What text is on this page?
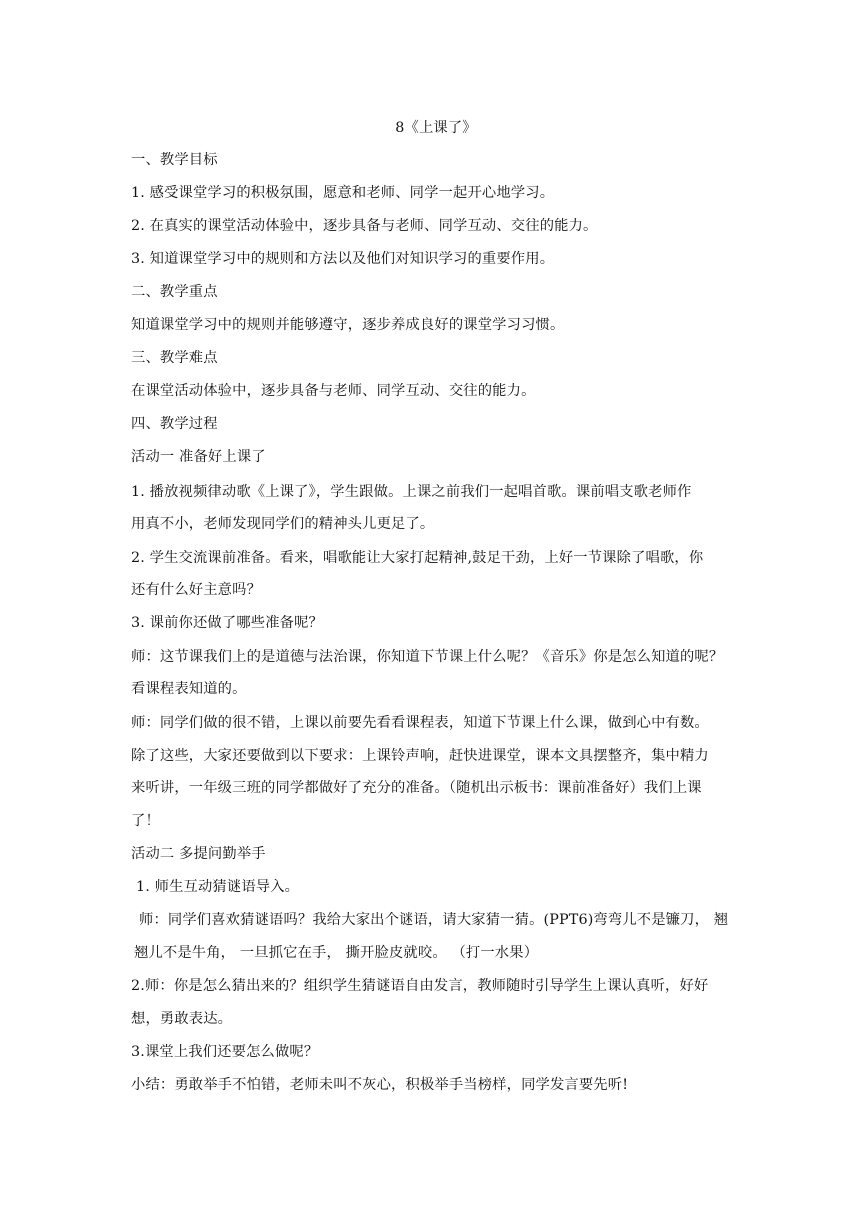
8《上课了》
一、教学目标
1. 感受课堂学习的积极氛围，愿意和老师、同学一起开心地学习。
2. 在真实的课堂活动体验中，逐步具备与老师、同学互动、交往的能力。
3. 知道课堂学习中的规则和方法以及他们对知识学习的重要作用。
二、教学重点
知道课堂学习中的规则并能够遵守，逐步养成良好的课堂学习习惯。
三、教学难点
在课堂活动体验中，逐步具备与老师、同学互动、交往的能力。
四、教学过程
活动一 准备好上课了
1. 播放视频律动歌《上课了》，学生跟做。上课之前我们一起唱首歌。课前唱支歌老师作
用真不小，老师发现同学们的精神头儿更足了。
2. 学生交流课前准备。看来，唱歌能让大家打起精神,鼓足干劲，上好一节课除了唱歌，你
还有什么好主意吗？
3. 课前你还做了哪些准备呢？
师：这节课我们上的是道德与法治课，你知道下节课上什么呢？《音乐》你是怎么知道的呢？
看课程表知道的。
师：同学们做的很不错，上课以前要先看看课程表，知道下节课上什么课，做到心中有数。
除了这些，大家还要做到以下要求：上课铃声响，赶快进课堂，课本文具摆整齐，集中精力
来听讲，一年级三班的同学都做好了充分的准备。（随机出示板书：课前准备好）我们上课
了！
活动二 多提问勤举手
1. 师生互动猜谜语导入。
师：同学们喜欢猜谜语吗？我给大家出个谜语，请大家猜一猜。(PPT6)弯弯儿不是镰刀， 翘
翘儿不是牛角， 一旦抓它在手， 撕开脸皮就咬。 （打一水果）
2.师：你是怎么猜出来的？组织学生猜谜语自由发言，教师随时引导学生上课认真听，好好
想，勇敢表达。
3.课堂上我们还要怎么做呢？
小结：勇敢举手不怕错，老师未叫不灰心，积极举手当榜样，同学发言要先听!
